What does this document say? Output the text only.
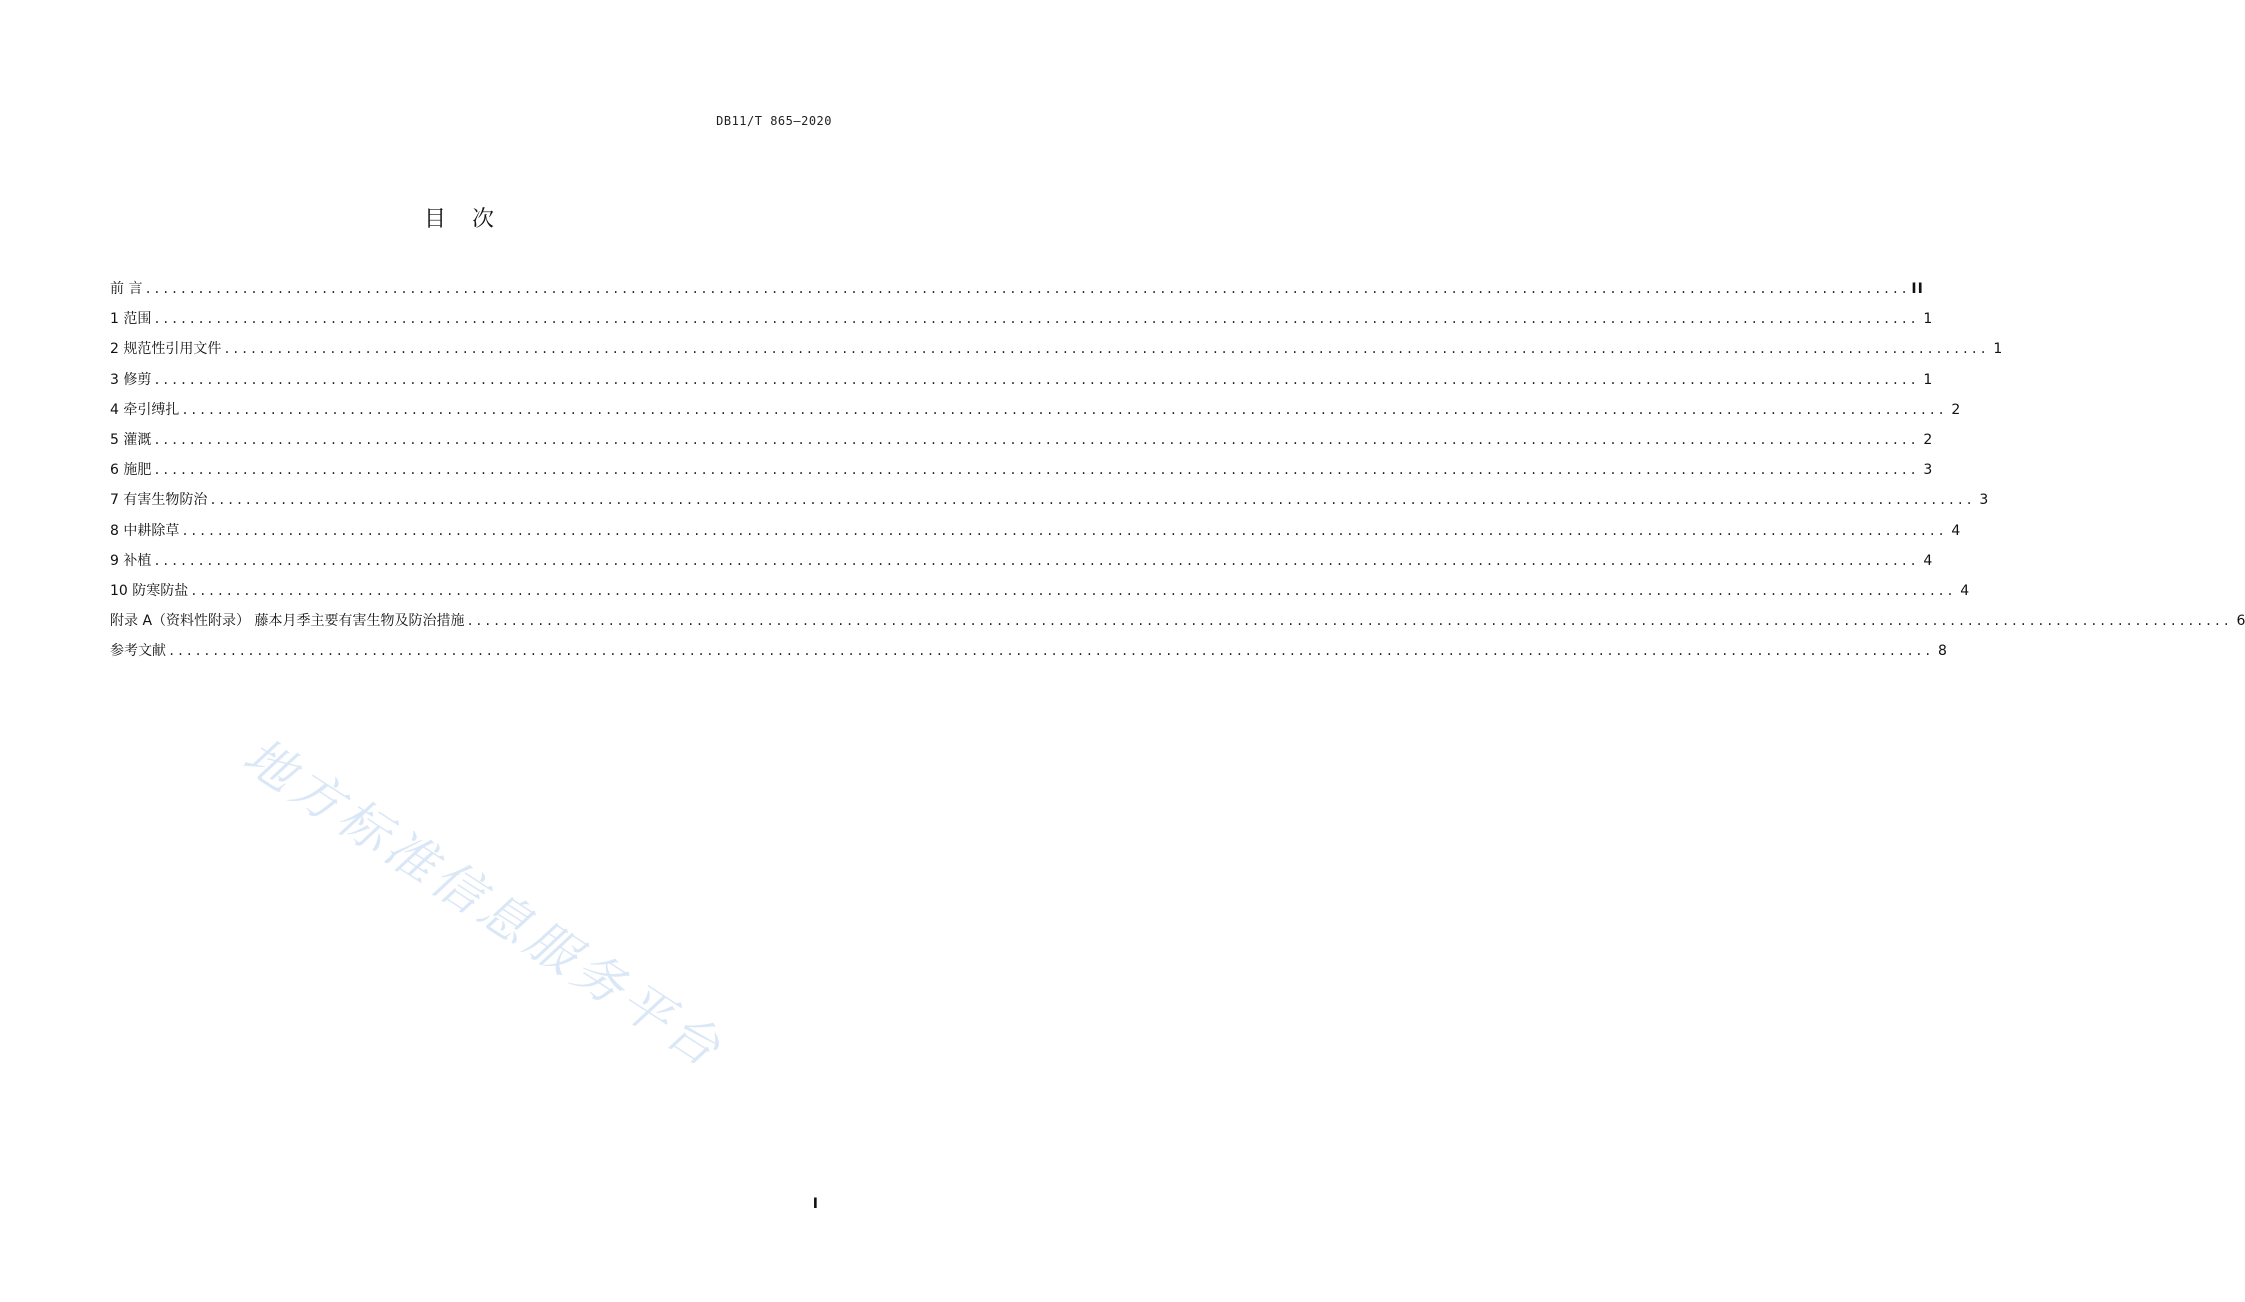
DB11/T 865—2020
目　次
前 言 ........................................................................................................................................................................................................ II
1 范围 ........................................................................................................................................................................................................ 1
2 规范性引用文件 ........................................................................................................................................................................................................ 1
3 修剪 ........................................................................................................................................................................................................ 1
4 牵引缚扎 ........................................................................................................................................................................................................ 2
5 灌溉 ........................................................................................................................................................................................................ 2
6 施肥 ........................................................................................................................................................................................................ 3
7 有害生物防治 ........................................................................................................................................................................................................ 3
8 中耕除草 ........................................................................................................................................................................................................ 4
9 补植 ........................................................................................................................................................................................................ 4
10 防寒防盐 ........................................................................................................................................................................................................ 4
附录 A（资料性附录） 藤本月季主要有害生物及防治措施 ........................................................................................................................................................................................................ 6
参考文献 ........................................................................................................................................................................................................ 8
地方标准信息服务平台
I
